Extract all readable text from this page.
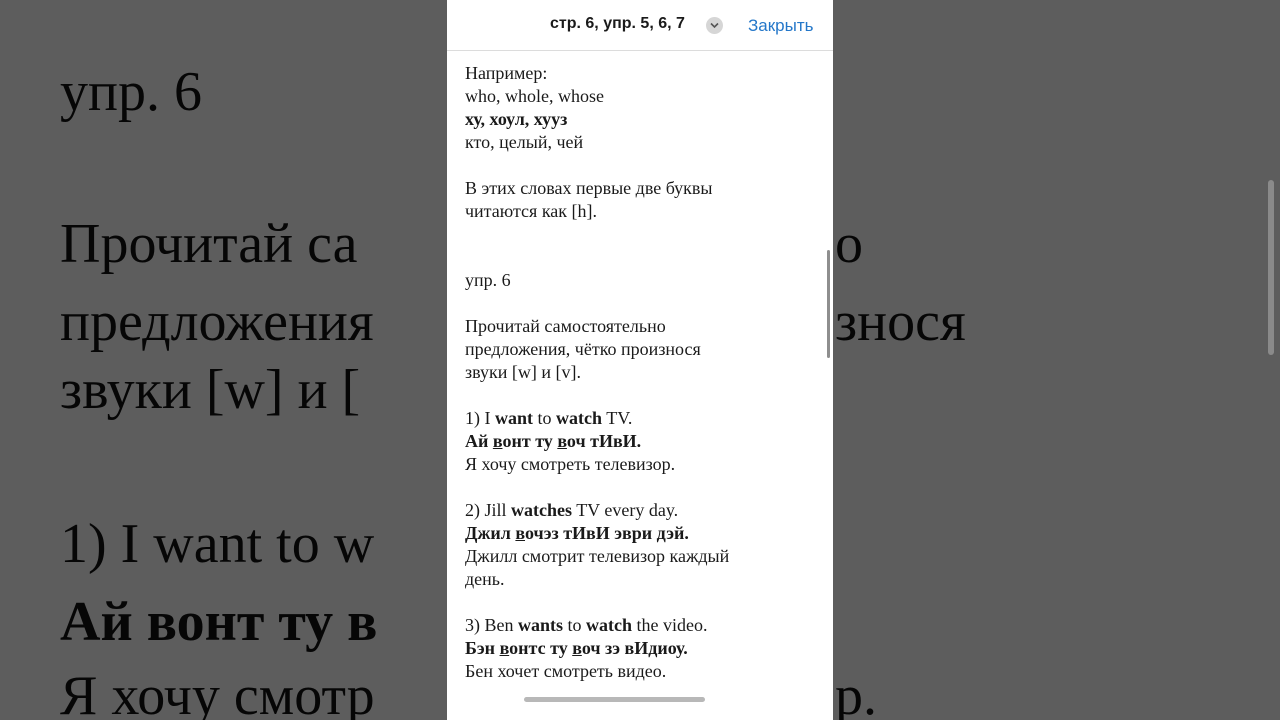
стр. 6, упр. 5, 6, 7	Закрыть

Например:

who, whole, whose

ху, хоул, хууз

кто, целый, чей

В этих словах первые две буквы

читаются как [h].

упр. 6

Прочитай самостоятельно

предложения, чётко произнося

звуки [w] и [v].

1) I want to watch TV.

Ай вонт ту воч тИвИ.

Я хочу смотреть телевизор.

2) Jill watches TV every day.

Джил вочэз тИвИ эври дэй.

Джилл смотрит телевизор каждый

день.

3) Ben wants to watch the video.

Бэн вонтс ту воч зэ вИдиоу.

Бен хочет смотреть видео.
